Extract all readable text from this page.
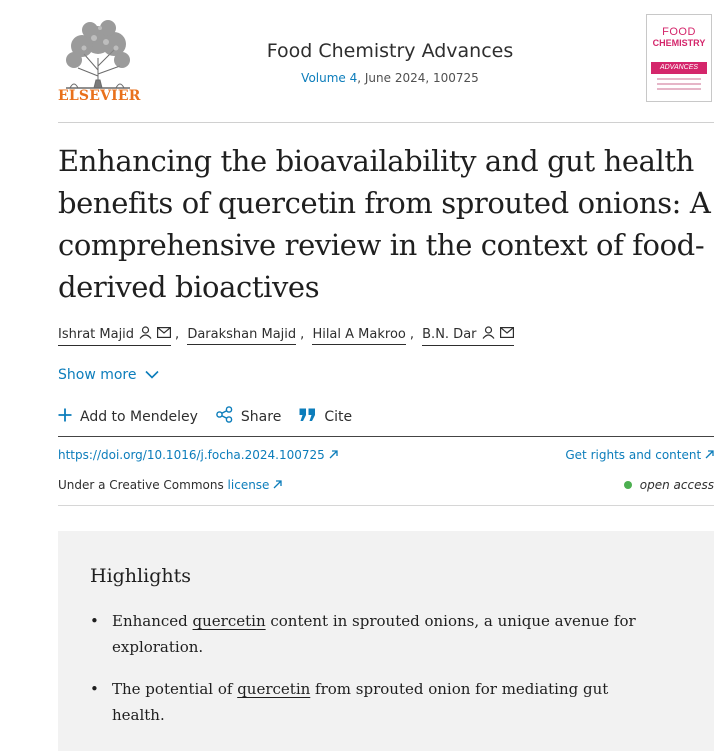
ELSEVIER
Food Chemistry Advances
Volume 4, June 2024, 100725
FOOD
CHEMISTRY
ADVANCES
Enhancing the bioavailability and gut health benefits of quercetin from sprouted onions: A comprehensive review in the context of food-derived bioactives
Ishrat Majid	, Darakshan Majid , Hilal A Makroo , B.N. Dar
Show more
Add to Mendeley	Share	Cite
https://doi.org/10.1016/j.focha.2024.100725	Get rights and content
Under a Creative Commons license	open access
Highlights
• Enhanced quercetin content in sprouted onions, a unique avenue for exploration.
• The potential of quercetin from sprouted onion for mediating gut health.
